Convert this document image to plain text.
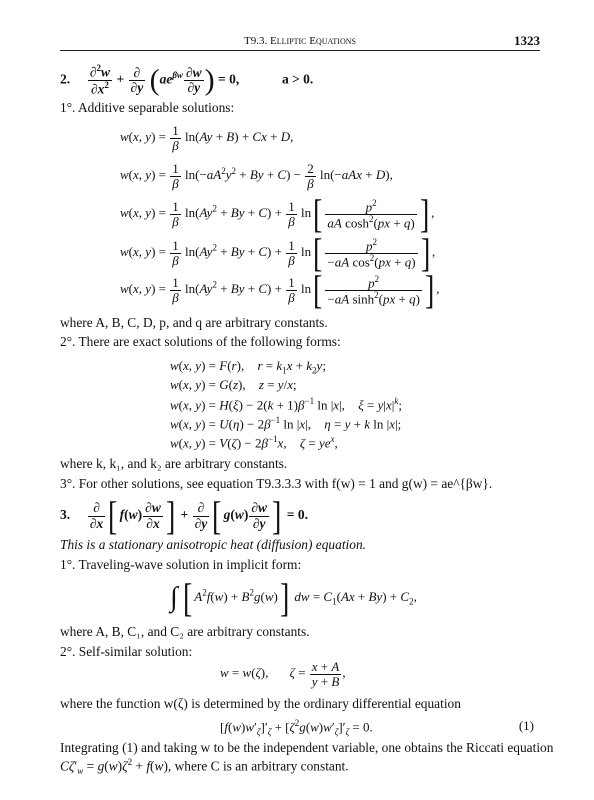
T9.3. Elliptic Equations	1323
2. $\frac{\partial^2w}{\partial x^2} + \frac{\partial}{\partial y} (ae^{\beta w} \frac{\partial w}{\partial y}$ ) = 0,	a > 0.
1°. Additive separable solutions:
w(x, $y) = \frac{1}{\beta} \ln(Ay + B) + Cx + D$,
w(x, $y) = \frac{1}{\beta} \ln(-aA^2y^2 + By + C) - \frac{2}{\beta} \ln(-aAx + D)$,
w(x, $y) = \frac{1}{\beta} \ln(Ay^2 + By + C) + \frac{1}{\beta} \ln[ \frac{p^2}{aA \cosh^2(px + q)}$ ] ,
w(x, $y) = \frac{1}{\beta} \ln(Ay^2 + By + C) + \frac{1}{\beta} \ln[ \frac{p^2}{-aA \cos^2(px + q)}$ ] ,
w(x, $y) = \frac{1}{\beta} \ln(Ay^2 + By + C) + \frac{1}{\beta} \ln[ \frac{p^2}{-aA \sinh^2(px + q)}$ ] ,
where A, B, C, D, p, and q are arbitrary constants.
2°. There are exact solutions of the following forms:
w(x, y) = F(r), $r = k_1x + k_2y$;
w(x, y) = G(z), z = y/x;
w(x, $y) = H(\xi) - 2(k + 1)\beta^{-1}$ ln |x|, $\xi = y|x|^k$;
w(x, $y) = U(\eta) - 2\beta^{-1}$ ln |x|, η = y + k ln |x|;
w(x, $y) = V(\zeta) - 2\beta^{-1}x$, $\zeta = ye^x$,
where k, k₁, and k₂ are arbitrary constants.
3°. For other solutions, see equation T9.3.3.3 with f(w) = 1 and g(w) = ae^{βw}.
3. $\frac{\partial}{\partial x}$ [ $f(w) \frac{\partial w}{\partial x}$ ] + $\frac{\partial}{\partial y}$ [ $g(w) \frac{\partial w}{\partial y}$ ] = 0.
This is a stationary anisotropic heat (diffusion) equation.
1°. Traveling-wave solution in implicit form:
∫ [ $A^2f(w) + B^2g(w)$] dw = $C_1(Ax + By) + C_2$,
where A, B, C₁, and C₂ are arbitrary constants.
2°. Self-similar solution:
w = w(ζ), $\zeta = \frac{x + A}{y + B}$ ,
where the function w(ζ) is determined by the ordinary differential equation
$[f(w)w'_\zeta]'_\zeta + [\zeta^2g(w)w'_\zeta]'_\zeta = 0$.	(1)
Integrating (1) and taking w to be the independent variable, one obtains the Riccati equation
$C\zeta'_w = g(w)\zeta^2 + f(w)$, where C is an arbitrary constant.
